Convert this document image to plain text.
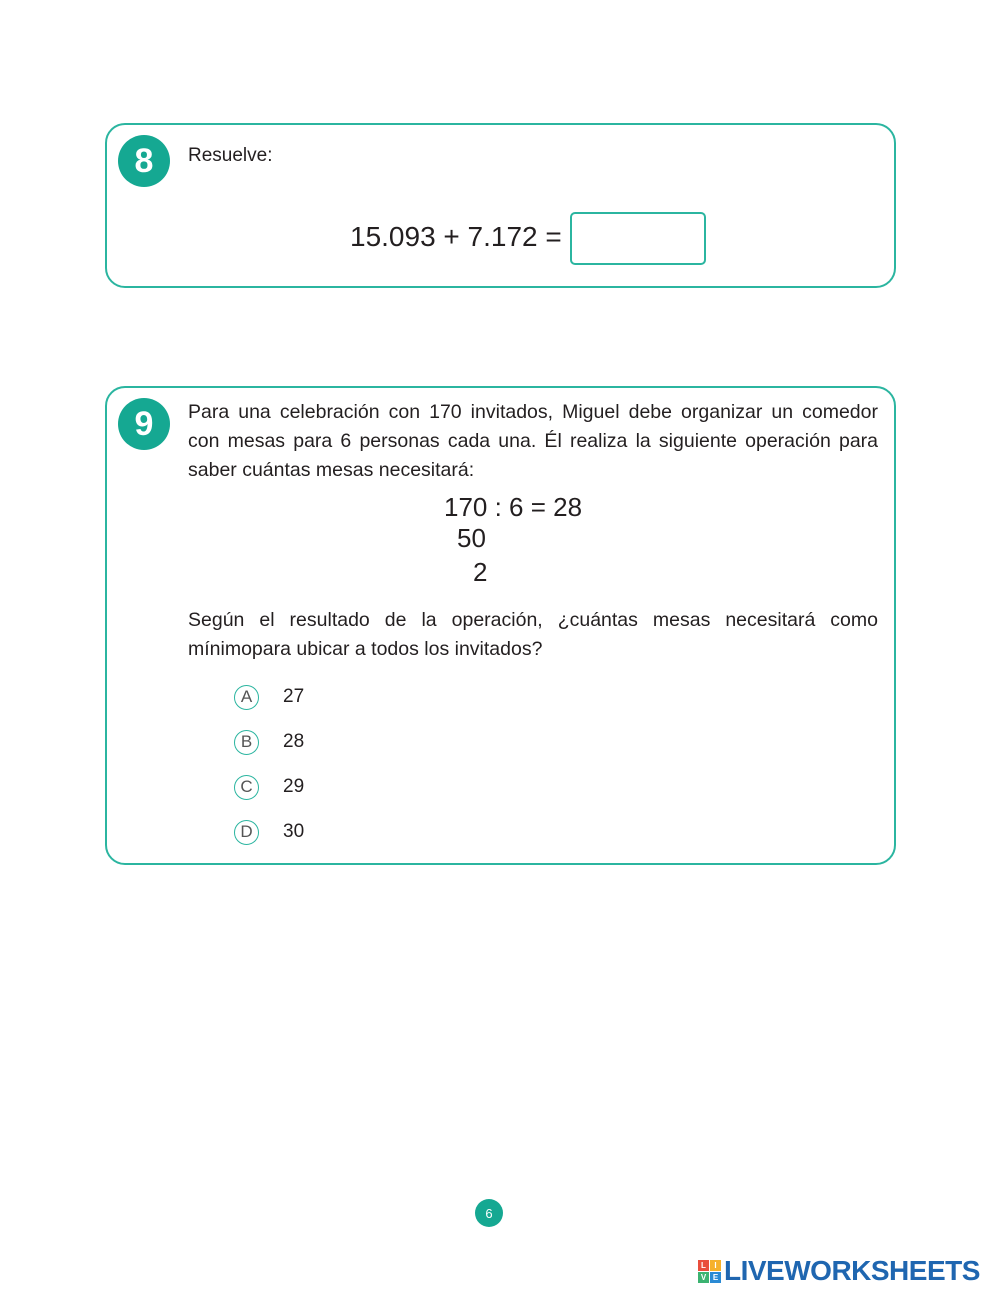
8	Resuelve:
15.093 + 7.172 =
9	Para una celebración con 170 invitados, Miguel debe organizar un comedor con mesas para 6 personas cada una. Él realiza la siguiente operación para saber cuántas mesas necesitará:

170 : 6 = 28
50
2

Según el resultado de la operación, ¿cuántas mesas necesitará como mínimopara ubicar a todos los invitados?

A	27
B	28
C	29
D	30
6
L	I
V E LIVEWORKSHEETS
